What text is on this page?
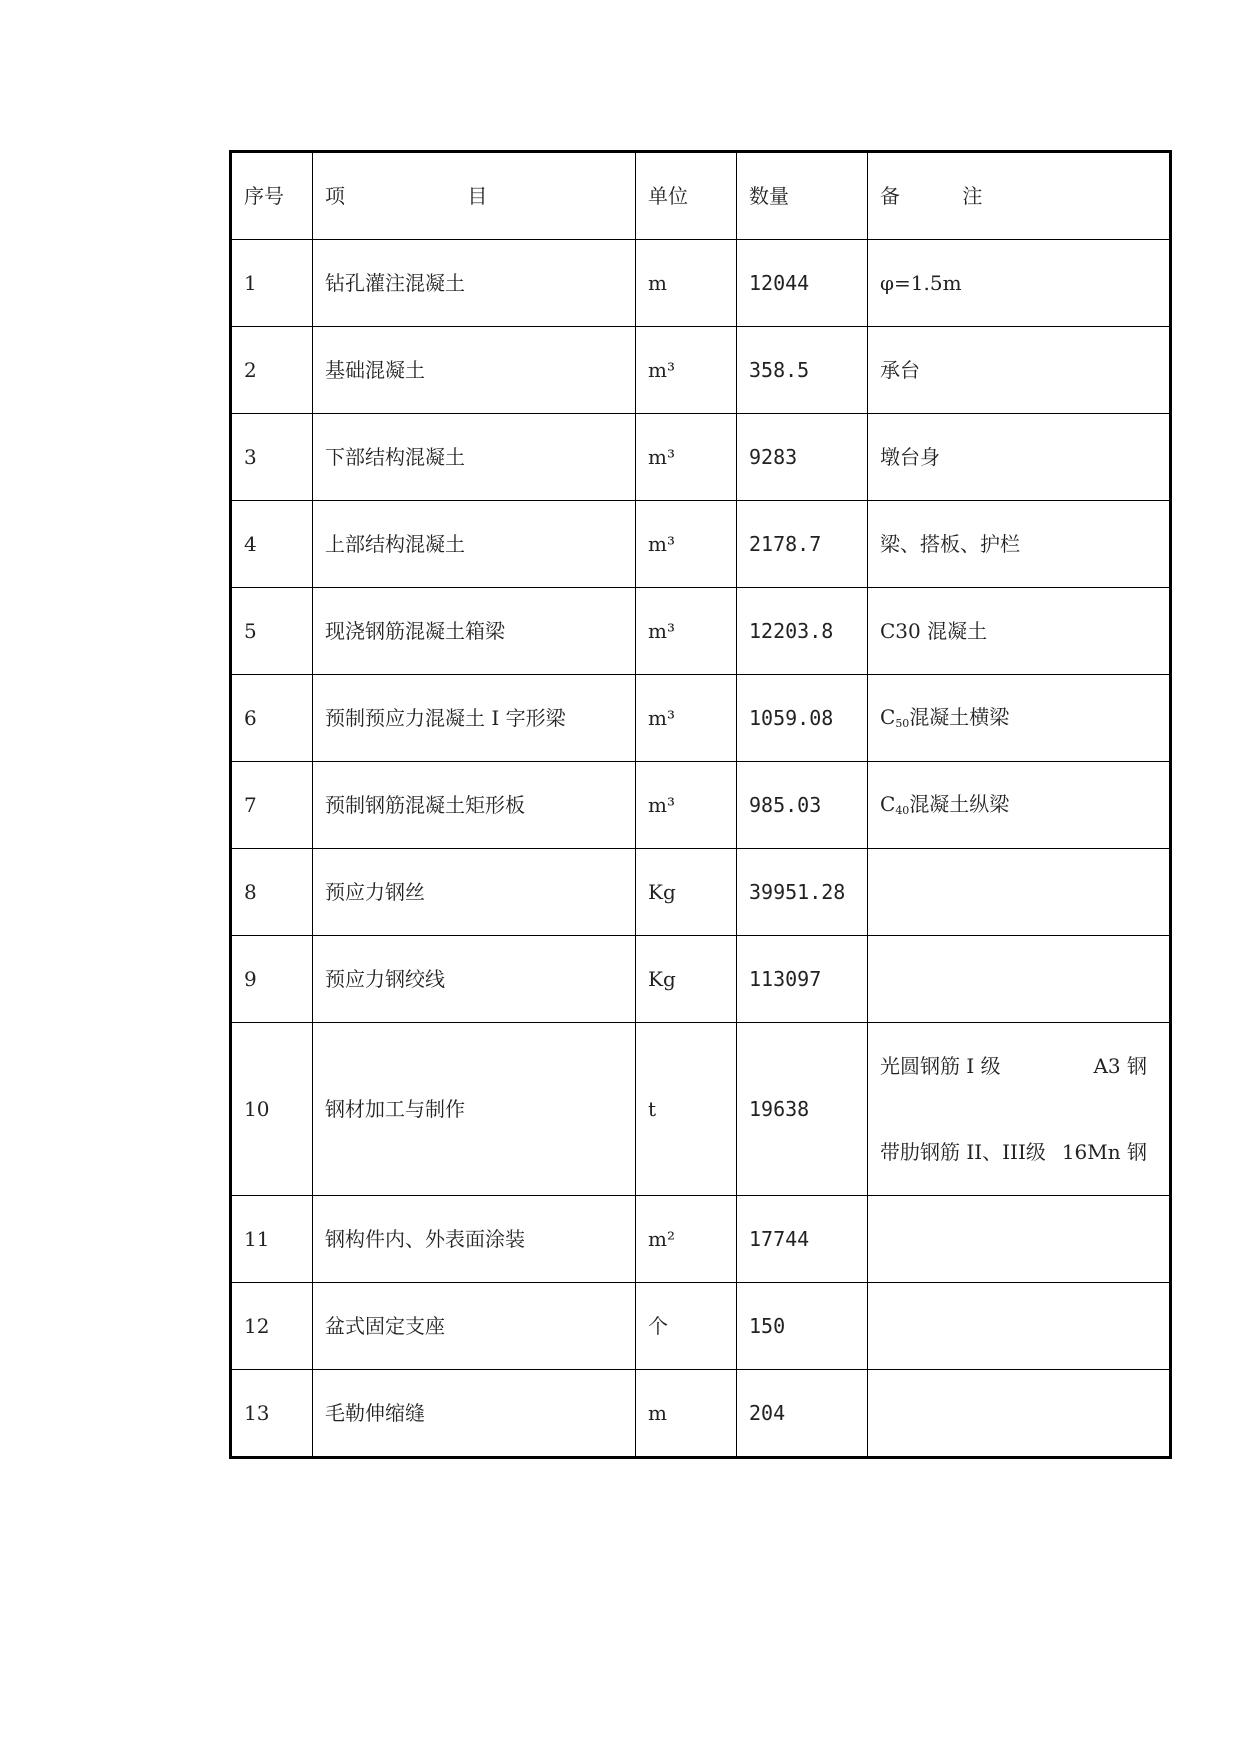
序号	项 目	单位	数量	备 注
1	钻孔灌注混凝土	m	12044	φ=1.5m
2	基础混凝土	m³	358.5	承台
3	下部结构混凝土	m³	9283	墩台身
4	上部结构混凝土	m³	2178.7	梁、搭板、护栏
5	现浇钢筋混凝土箱梁	m³	12203.8	C30 混凝土
6	预制预应力混凝土 I 字形梁	m³	1059.08	$C_{50}$混凝土横梁
7	预制钢筋混凝土矩形板	m³	985.03	$C_{40}$混凝土纵梁
8	预应力钢丝	Kg	39951.28	
9	预应力钢绞线	Kg	113097	
10	钢材加工与制作	t	19638	光圆钢筋 I 级 A3 钢
带肋钢筋 II、III级 16Mn 钢

11	钢构件内、外表面涂装	m²	17744	
12	盆式固定支座	个	150	
13	毛勒伸缩缝	m	204	
